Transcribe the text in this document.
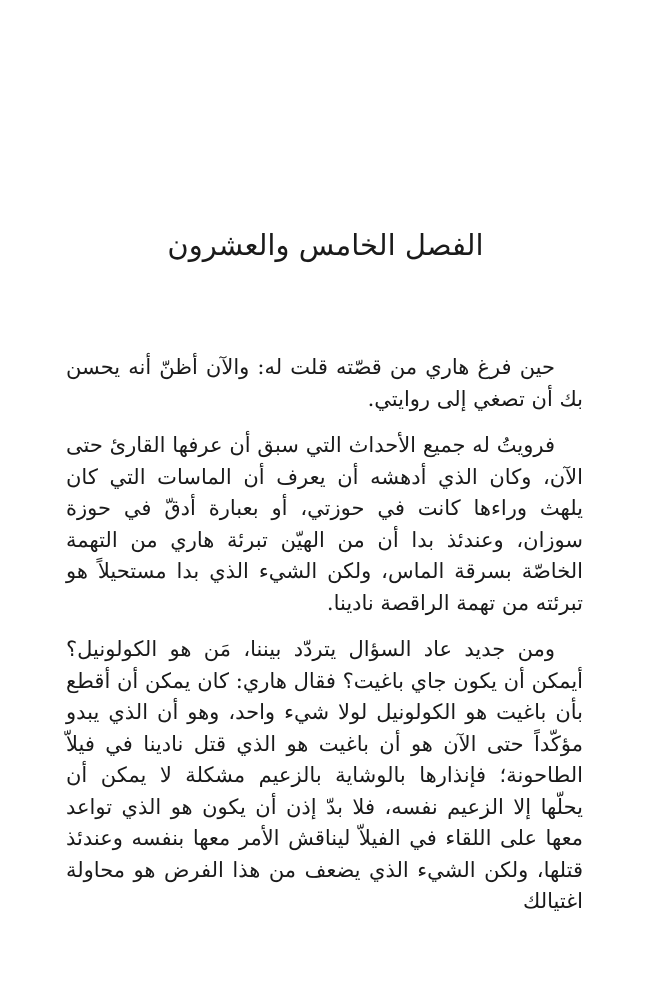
الفصل الخامس والعشرون

حين فرغ هاري من قصّته قلت له: والآن أظنّ أنه يحسن بك أن تصغي إلى روايتي.

فرويتُ له جميع الأحداث التي سبق أن عرفها القارئ حتى الآن، وكان الذي أدهشه أن يعرف أن الماسات التي كان يلهث وراءها كانت في حوزتي، أو بعبارة أدقّ في حوزة سوزان، وعندئذ بدا أن من الهيّن تبرئة هاري من التهمة الخاصّة بسرقة الماس، ولكن الشيء الذي بدا مستحيلاً هو تبرئته من تهمة الراقصة نادينا.

ومن جديد عاد السؤال يتردّد بيننا، مَن هو الكولونيل؟ أيمكن أن يكون جاي باغيت؟ فقال هاري: كان يمكن أن أقطع بأن باغيت هو الكولونيل لولا شيء واحد، وهو أن الذي يبدو مؤكّداً حتى الآن هو أن باغيت هو الذي قتل نادينا في فيلاّ الطاحونة؛ فإنذارها بالوشاية بالزعيم مشكلة لا يمكن أن يحلّها إلا الزعيم نفسه، فلا بدّ إذن أن يكون هو الذي تواعد معها على اللقاء في الفيلاّ ليناقش الأمر معها بنفسه وعندئذ قتلها، ولكن الشيء الذي يضعف من هذا الفرض هو محاولة اغتيالك
